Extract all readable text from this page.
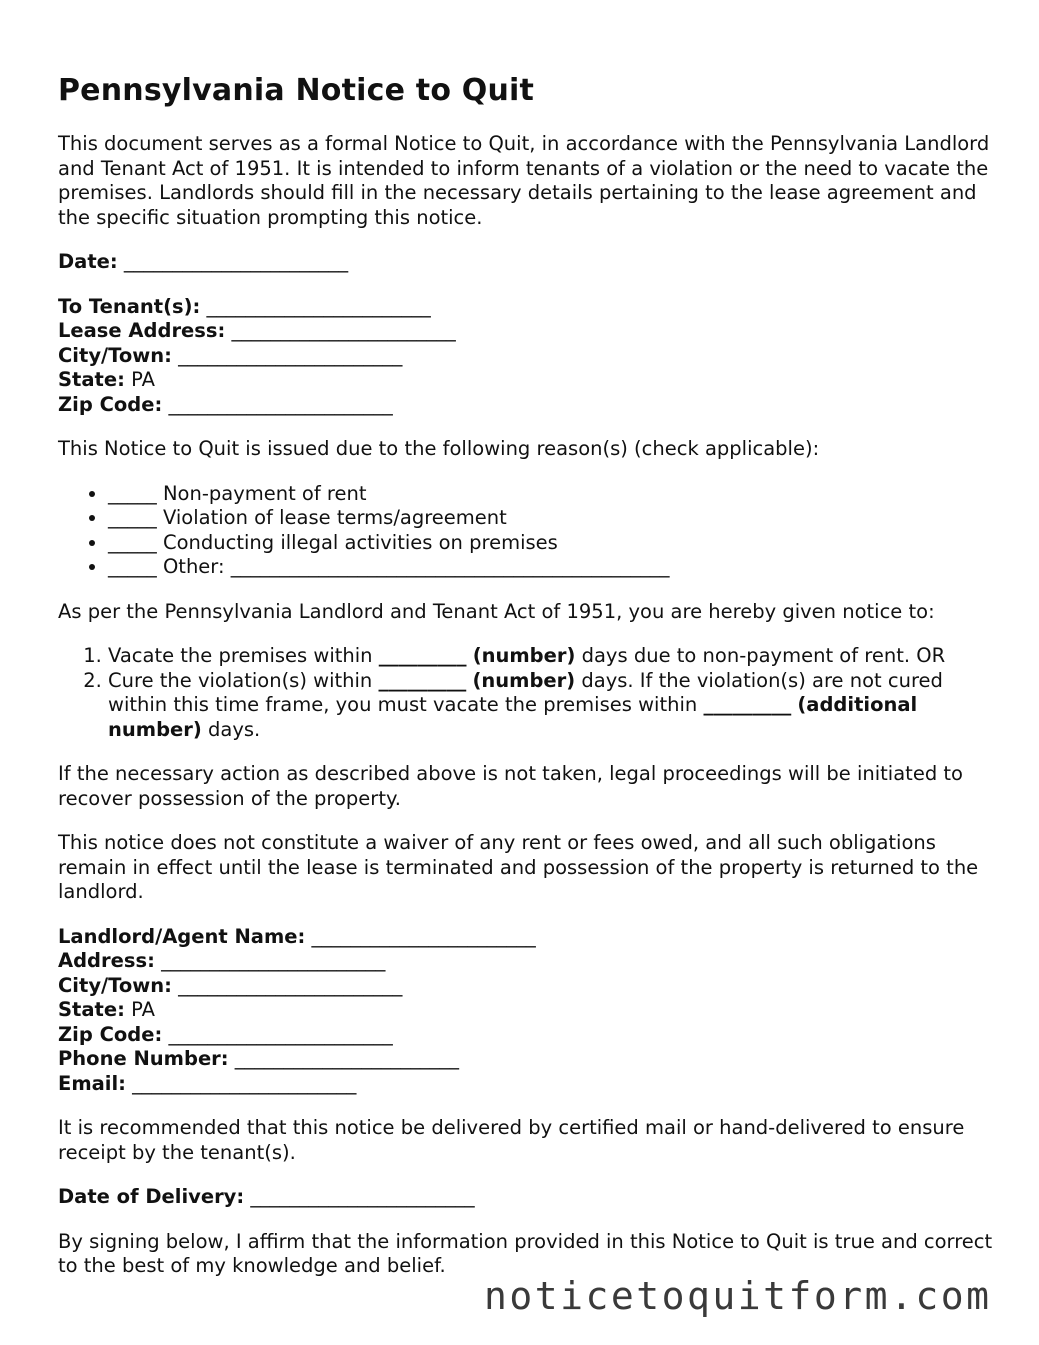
Pennsylvania Notice to Quit

This document serves as a formal Notice to Quit, in accordance with the Pennsylvania Landlord and Tenant Act of 1951. It is intended to inform tenants of a violation or the need to vacate the premises. Landlords should fill in the necessary details pertaining to the lease agreement and the specific situation prompting this notice.

Date: _______________________
To Tenant(s): _______________________
Lease Address: _______________________
City/Town: _______________________
State: PA
Zip Code: _______________________

This Notice to Quit is issued due to the following reason(s) (check applicable):

• _____ Non-payment of rent
• _____ Violation of lease terms/agreement
• _____ Conducting illegal activities on premises
• _____ Other: _____________________________________________

As per the Pennsylvania Landlord and Tenant Act of 1951, you are hereby given notice to:

1. Vacate the premises within _________ (number) days due to non-payment of rent. OR
2. Cure the violation(s) within _________ (number) days. If the violation(s) are not cured within this time frame, you must vacate the premises within _________ (additional number) days.

If the necessary action as described above is not taken, legal proceedings will be initiated to recover possession of the property.

This notice does not constitute a waiver of any rent or fees owed, and all such obligations remain in effect until the lease is terminated and possession of the property is returned to the landlord.

Landlord/Agent Name: _______________________
Address: _______________________
City/Town: _______________________
State: PA
Zip Code: _______________________
Phone Number: _______________________
Email: _______________________

It is recommended that this notice be delivered by certified mail or hand-delivered to ensure receipt by the tenant(s).

Date of Delivery: _______________________

By signing below, I affirm that the information provided in this Notice to Quit is true and correct to the best of my knowledge and belief.

noticetoquitform.com
